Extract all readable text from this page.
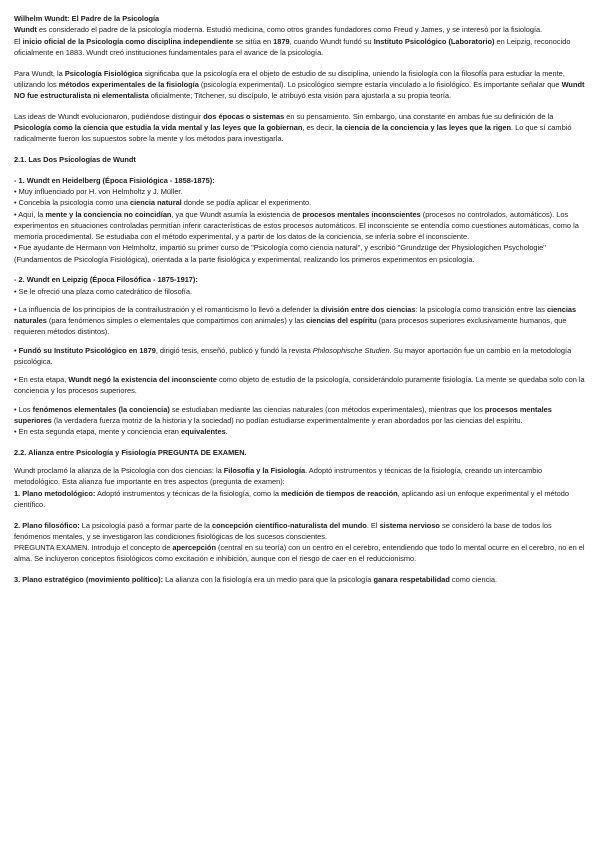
Wilhelm Wundt: El Padre de la Psicología

Wundt es considerado el padre de la psicología moderna. Estudió medicina, como otros grandes fundadores como Freud y James, y se interesó por la fisiología.

El inicio oficial de la Psicología como disciplina independiente se sitúa en 1879, cuando Wundt fundó su Instituto Psicológico (Laboratorio) en Leipzig, reconocido oficialmente en 1883. Wundt creó instituciones fundamentales para el avance de la psicología.

Para Wundt, la Psicología Fisiológica significaba que la psicología era el objeto de estudio de su disciplina, uniendo la fisiología con la filosofía para estudiar la mente, utilizando los métodos experimentales de la fisiología (psicología experimental). Lo psicológico siempre estaría vinculado a lo fisiológico. Es importante señalar que Wundt NO fue estructuralista ni elementalista oficialmente; Titchener, su discípulo, le atribuyó esta visión para ajustarla a su propia teoría.

Las ideas de Wundt evolucionaron, pudiéndose distinguir dos épocas o sistemas en su pensamiento. Sin embargo, una constante en ambas fue su definición de la Psicología como la ciencia que estudia la vida mental y las leyes que la gobiernan, es decir, la ciencia de la conciencia y las leyes que la rigen. Lo que sí cambió radicalmente fueron los supuestos sobre la mente y los métodos para investigarla.

2.1. Las Dos Psicologías de Wundt

- 1. Wundt en Heidelberg (Época Fisiológica - 1858-1875):

• Muy influenciado por H. von Helmholtz y J. Müller.

• Concebía la psicología como una ciencia natural donde se podía aplicar el experimento.

• Aquí, la mente y la conciencia no coincidían, ya que Wundt asumía la existencia de procesos mentales inconscientes (procesos no controlados, automáticos). Los experimentos en situaciones controladas permitían inferir características de estos procesos automáticos. El inconsciente se entendía como cuestiones automáticas, como la memoria procedimental. Se estudiaba con el método experimental, y a partir de los datos de la conciencia, se infería sobre el inconsciente.

• Fue ayudante de Hermann von Helmholtz, impartió su primer curso de "Psicología como ciencia natural", y escribió "Grundzüge der Physiologichen Psychologie" (Fundamentos de Psicología Fisiológica), orientada a la parte fisiológica y experimental, realizando los primeros experimentos en psicología.

- 2. Wundt en Leipzig (Época Filosófica - 1875-1917):

• Se le ofreció una plaza como catedrático de filosofía.

• La influencia de los principios de la contrailustración y el romanticismo lo llevó a defender la división entre dos ciencias: la psicología como transición entre las ciencias naturales (para fenómenos simples o elementales que compartimos con animales) y las ciencias del espíritu (para procesos superiores exclusivamente humanos, que requieren métodos distintos).

• Fundó su Instituto Psicológico en 1879, dirigió tesis, enseñó, publicó y fundó la revista Philosophische Studien. Su mayor aportación fue un cambio en la metodología psicológica.

• En esta etapa, Wundt negó la existencia del inconsciente como objeto de estudio de la psicología, considerándolo puramente fisiología. La mente se quedaba solo con la conciencia y los procesos superiores.

• Los fenómenos elementales (la conciencia) se estudiaban mediante las ciencias naturales (con métodos experimentales), mientras que los procesos mentales superiores (la verdadera fuerza motriz de la historia y la sociedad) no podían estudiarse experimentalmente y eran abordados por las ciencias del espíritu.

• En esta segunda etapa, mente y conciencia eran equivalentes.

2.2. Alianza entre Psicología y Fisiología PREGUNTA DE EXAMEN.

Wundt proclamó la alianza de la Psicología con dos ciencias: la Filosofía y la Fisiología. Adoptó instrumentos y técnicas de la fisiología, creando un intercambio metodológico. Esta alianza fue importante en tres aspectos (pregunta de examen):

1. Plano metodológico: Adoptó instrumentos y técnicas de la fisiología, como la medición de tiempos de reacción, aplicando así un enfoque experimental y el método científico.

2. Plano filosófico: La psicología pasó a formar parte de la concepción científico-naturalista del mundo. El sistema nervioso se consideró la base de todos los fenómenos mentales, y se investigaron las condiciones fisiológicas de los sucesos conscientes.

PREGUNTA EXAMEN. Introdujo el concepto de apercepción (central en su teoría) con un centro en el cerebro, entendiendo que todo lo mental ocurre en el cerebro, no en el alma. Se incluyeron conceptos fisiológicos como excitación e inhibición, aunque con el riesgo de caer en el reduccionismo.

3. Plano estratégico (movimiento político): La alianza con la fisiología era un medio para que la psicología ganara respetabilidad como ciencia.
